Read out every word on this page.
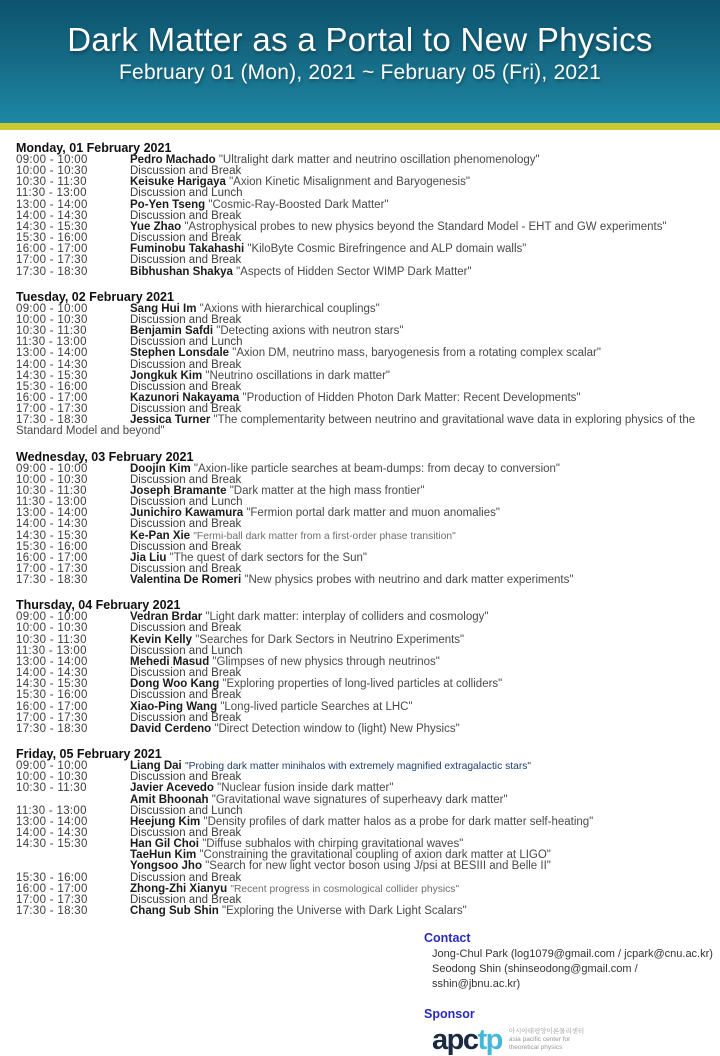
Dark Matter as a Portal to New Physics
February 01 (Mon), 2021 ~ February 05 (Fri), 2021
Monday, 01 February 2021
09:00 - 10:00	Pedro Machado "Ultralight dark matter and neutrino oscillation phenomenology"
10:00 - 10:30	Discussion and Break
10:30 - 11:30	Keisuke Harigaya "Axion Kinetic Misalignment and Baryogenesis"
11:30 - 13:00	Discussion and Lunch
13:00 - 14:00	Po-Yen Tseng "Cosmic-Ray-Boosted Dark Matter"
14:00 - 14:30	Discussion and Break
14:30 - 15:30	Yue Zhao "Astrophysical probes to new physics beyond the Standard Model - EHT and GW experiments"
15:30 - 16:00	Discussion and Break
16:00 - 17:00	Fuminobu Takahashi "KiloByte Cosmic Birefringence and ALP domain walls"
17:00 - 17:30	Discussion and Break
17:30 - 18:30	Bibhushan Shakya "Aspects of Hidden Sector WIMP Dark Matter"
Tuesday, 02 February 2021
09:00 - 10:00	Sang Hui Im "Axions with hierarchical couplings"
10:00 - 10:30	Discussion and Break
10:30 - 11:30	Benjamin Safdi "Detecting axions with neutron stars"
11:30 - 13:00	Discussion and Lunch
13:00 - 14:00	Stephen Lonsdale "Axion DM, neutrino mass, baryogenesis from a rotating complex scalar"
14:00 - 14:30	Discussion and Break
14:30 - 15:30	Jongkuk Kim "Neutrino oscillations in dark matter"
15:30 - 16:00	Discussion and Break
16:00 - 17:00	Kazunori Nakayama "Production of Hidden Photon Dark Matter: Recent Developments"
17:00 - 17:30	Discussion and Break
17:30 - 18:30	Jessica Turner "The complementarity between neutrino and gravitational wave data in exploring physics of the Standard Model and beyond"
Wednesday, 03 February 2021
09:00 - 10:00	Doojin Kim "Axion-like particle searches at beam-dumps: from decay to conversion"
10:00 - 10:30	Discussion and Break
10:30 - 11:30	Joseph Bramante "Dark matter at the high mass frontier"
11:30 - 13:00	Discussion and Lunch
13:00 - 14:00	Junichiro Kawamura "Fermion portal dark matter and muon anomalies"
14:00 - 14:30	Discussion and Break
14:30 - 15:30	Ke-Pan Xie "Fermi-ball dark matter from a first-order phase transition"
15:30 - 16:00	Discussion and Break
16:00 - 17:00	Jia Liu "The quest of dark sectors for the Sun"
17:00 - 17:30	Discussion and Break
17:30 - 18:30	Valentina De Romeri "New physics probes with neutrino and dark matter experiments"
Thursday, 04 February 2021
09:00 - 10:00	Vedran Brdar "Light dark matter: interplay of colliders and cosmology"
10:00 - 10:30	Discussion and Break
10:30 - 11:30	Kevin Kelly "Searches for Dark Sectors in Neutrino Experiments"
11:30 - 13:00	Discussion and Lunch
13:00 - 14:00	Mehedi Masud "Glimpses of new physics through neutrinos"
14:00 - 14:30	Discussion and Break
14:30 - 15:30	Dong Woo Kang "Exploring properties of long-lived particles at colliders"
15:30 - 16:00	Discussion and Break
16:00 - 17:00	Xiao-Ping Wang "Long-lived particle Searches at LHC"
17:00 - 17:30	Discussion and Break
17:30 - 18:30	David Cerdeno "Direct Detection window to (light) New Physics"
Friday, 05 February 2021
09:00 - 10:00	Liang Dai "Probing dark matter minihalos with extremely magnified extragalactic stars"
10:00 - 10:30	Discussion and Break
10:30 - 11:30	Javier Acevedo "Nuclear fusion inside dark matter"
Amit Bhoonah "Gravitational wave signatures of superheavy dark matter"
11:30 - 13:00	Discussion and Lunch
13:00 - 14:00	Heejung Kim "Density profiles of dark matter halos as a probe for dark matter self-heating"
14:00 - 14:30	Discussion and Break
14:30 - 15:30	Han Gil Choi "Diffuse subhalos with chirping gravitational waves"
TaeHun Kim "Constraining the gravitational coupling of axion dark matter at LIGO"
Yongsoo Jho "Search for new light vector boson using J/psi at BESIII and Belle II"
15:30 - 16:00	Discussion and Break
16:00 - 17:00	Zhong-Zhi Xianyu "Recent progress in cosmological collider physics"
17:00 - 17:30	Discussion and Break
17:30 - 18:30	Chang Sub Shin "Exploring the Universe with Dark Light Scalars"
Contact
Jong-Chul Park (log1079@gmail.com / jcpark@cnu.ac.kr)
Seodong Shin (shinseodong@gmail.com / sshin@jbnu.ac.kr)
Sponsor
apctp 아시아태평양이론물리센터
asia pacific center for
theoretical physics
